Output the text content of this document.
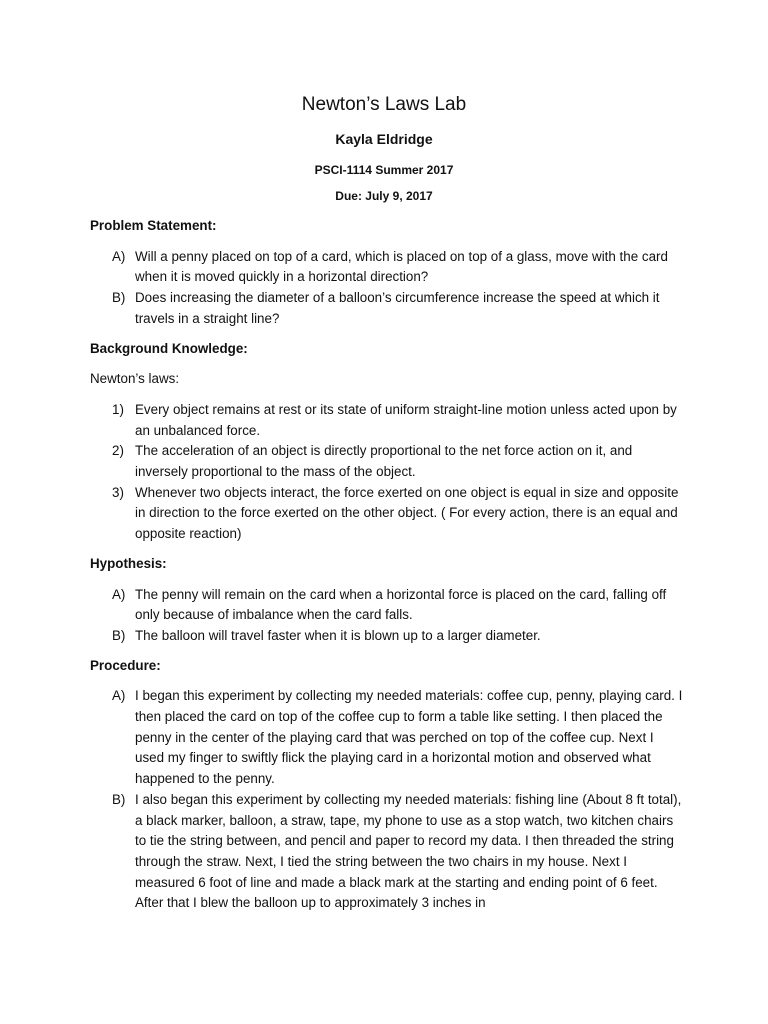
Newton’s Laws Lab

Kayla Eldridge

PSCI-1114 Summer 2017

Due: July 9, 2017

Problem Statement:

A) Will a penny placed on top of a card, which is placed on top of a glass, move with the card when it is moved quickly in a horizontal direction?
B) Does increasing the diameter of a balloon’s circumference increase the speed at which it travels in a straight line?

Background Knowledge:

Newton’s laws:

1) Every object remains at rest or its state of uniform straight-line motion unless acted upon by an unbalanced force.
2) The acceleration of an object is directly proportional to the net force action on it, and inversely proportional to the mass of the object.
3) Whenever two objects interact, the force exerted on one object is equal in size and opposite in direction to the force exerted on the other object. ( For every action, there is an equal and opposite reaction)

Hypothesis:

A) The penny will remain on the card when a horizontal force is placed on the card, falling off only because of imbalance when the card falls.
B) The balloon will travel faster when it is blown up to a larger diameter.

Procedure:

A) I began this experiment by collecting my needed materials: coffee cup, penny, playing card. I then placed the card on top of the coffee cup to form a table like setting. I then placed the penny in the center of the playing card that was perched on top of the coffee cup. Next I used my finger to swiftly flick the playing card in a horizontal motion and observed what happened to the penny.
B) I also began this experiment by collecting my needed materials: fishing line (About 8 ft total), a black marker, balloon, a straw, tape, my phone to use as a stop watch, two kitchen chairs to tie the string between, and pencil and paper to record my data. I then threaded the string through the straw. Next, I tied the string between the two chairs in my house. Next I measured 6 foot of line and made a black mark at the starting and ending point of 6 feet. After that I blew the balloon up to approximately 3 inches in
